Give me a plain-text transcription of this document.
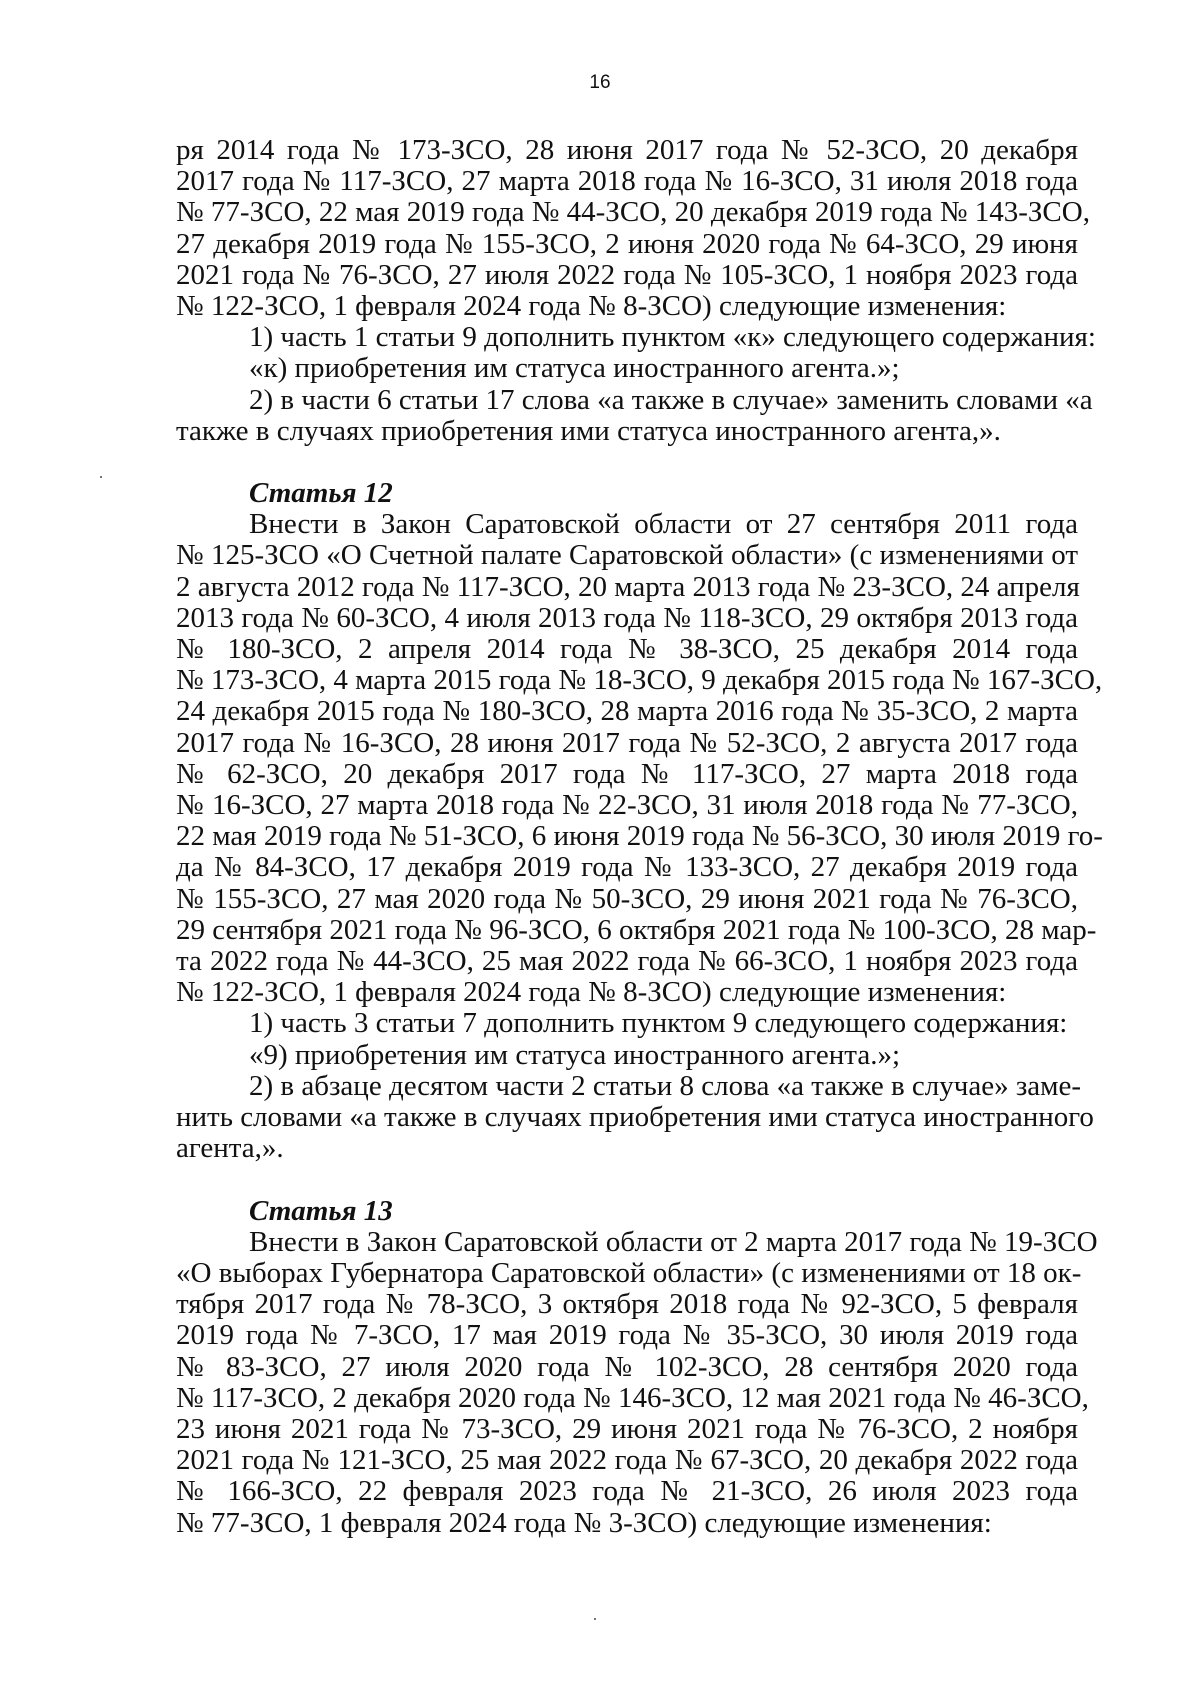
16
ря 2014 года № 173-ЗСО, 28 июня 2017 года № 52-ЗСО, 20 декабря
2017 года № 117-ЗСО, 27 марта 2018 года № 16-ЗСО, 31 июля 2018 года
№ 77-ЗСО, 22 мая 2019 года № 44-ЗСО, 20 декабря 2019 года № 143-ЗСО,
27 декабря 2019 года № 155-ЗСО, 2 июня 2020 года № 64-ЗСО, 29 июня
2021 года № 76-ЗСО, 27 июля 2022 года № 105-ЗСО, 1 ноября 2023 года
№ 122-ЗСО, 1 февраля 2024 года № 8-ЗСО) следующие изменения:
1) часть 1 статьи 9 дополнить пунктом «к» следующего содержания:
«к) приобретения им статуса иностранного агента.»;
2) в части 6 статьи 17 слова «а также в случае» заменить словами «а
также в случаях приобретения ими статуса иностранного агента,».
Статья 12
Внести в Закон Саратовской области от 27 сентября 2011 года
№ 125-ЗСО «О Счетной палате Саратовской области» (с изменениями от
2 августа 2012 года № 117-ЗСО, 20 марта 2013 года № 23-ЗСО, 24 апреля
2013 года № 60-ЗСО, 4 июля 2013 года № 118-ЗСО, 29 октября 2013 года
№ 180-ЗСО, 2 апреля 2014 года № 38-ЗСО, 25 декабря 2014 года
№ 173-ЗСО, 4 марта 2015 года № 18-ЗСО, 9 декабря 2015 года № 167-ЗСО,
24 декабря 2015 года № 180-ЗСО, 28 марта 2016 года № 35-ЗСО, 2 марта
2017 года № 16-ЗСО, 28 июня 2017 года № 52-ЗСО, 2 августа 2017 года
№ 62-ЗСО, 20 декабря 2017 года № 117-ЗСО, 27 марта 2018 года
№ 16-ЗСО, 27 марта 2018 года № 22-ЗСО, 31 июля 2018 года № 77-ЗСО,
22 мая 2019 года № 51-ЗСО, 6 июня 2019 года № 56-ЗСО, 30 июля 2019 го-
да № 84-ЗСО, 17 декабря 2019 года № 133-ЗСО, 27 декабря 2019 года
№ 155-ЗСО, 27 мая 2020 года № 50-ЗСО, 29 июня 2021 года № 76-ЗСО,
29 сентября 2021 года № 96-ЗСО, 6 октября 2021 года № 100-ЗСО, 28 мар-
та 2022 года № 44-ЗСО, 25 мая 2022 года № 66-ЗСО, 1 ноября 2023 года
№ 122-ЗСО, 1 февраля 2024 года № 8-ЗСО) следующие изменения:
1) часть 3 статьи 7 дополнить пунктом 9 следующего содержания:
«9) приобретения им статуса иностранного агента.»;
2) в абзаце десятом части 2 статьи 8 слова «а также в случае» заме-
нить словами «а также в случаях приобретения ими статуса иностранного
агента,».
Статья 13
Внести в Закон Саратовской области от 2 марта 2017 года № 19-ЗСО
«О выборах Губернатора Саратовской области» (с изменениями от 18 ок-
тября 2017 года № 78-ЗСО, 3 октября 2018 года № 92-ЗСО, 5 февраля
2019 года № 7-ЗСО, 17 мая 2019 года № 35-ЗСО, 30 июля 2019 года
№ 83-ЗСО, 27 июля 2020 года № 102-ЗСО, 28 сентября 2020 года
№ 117-ЗСО, 2 декабря 2020 года № 146-ЗСО, 12 мая 2021 года № 46-ЗСО,
23 июня 2021 года № 73-ЗСО, 29 июня 2021 года № 76-ЗСО, 2 ноября
2021 года № 121-ЗСО, 25 мая 2022 года № 67-ЗСО, 20 декабря 2022 года
№ 166-ЗСО, 22 февраля 2023 года № 21-ЗСО, 26 июля 2023 года
№ 77-ЗСО, 1 февраля 2024 года № 3-ЗСО) следующие изменения:
